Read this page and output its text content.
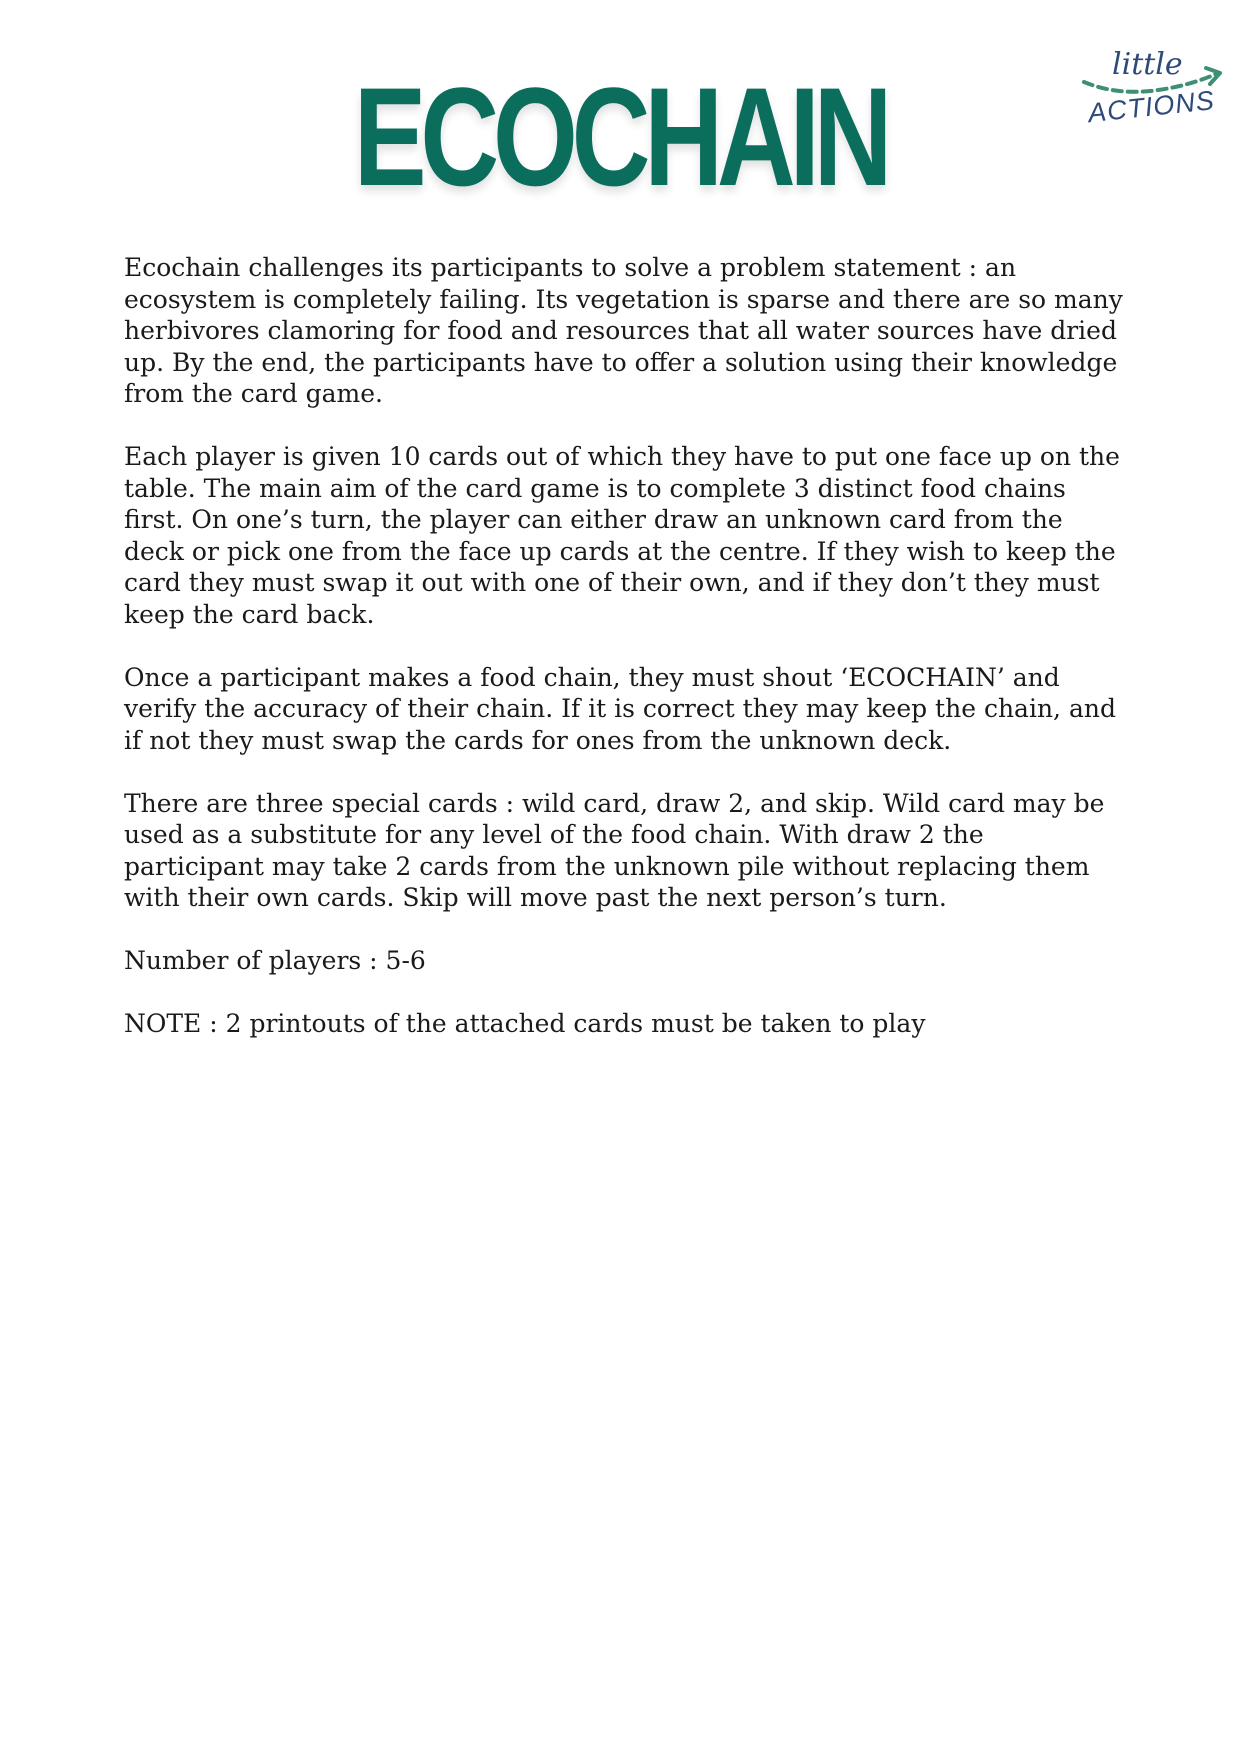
ECOCHAIN	little
ACTIONS

Ecochain challenges its participants to solve a problem statement : an ecosystem is completely failing. Its vegetation is sparse and there are so many herbivores clamoring for food and resources that all water sources have dried up. By the end, the participants have to offer a solution using their knowledge from the card game.

Each player is given 10 cards out of which they have to put one face up on the table. The main aim of the card game is to complete 3 distinct food chains first. On one’s turn, the player can either draw an unknown card from the deck or pick one from the face up cards at the centre. If they wish to keep the card they must swap it out with one of their own, and if they don’t they must keep the card back.

Once a participant makes a food chain, they must shout ‘ECOCHAIN’ and verify the accuracy of their chain. If it is correct they may keep the chain, and if not they must swap the cards for ones from the unknown deck.

There are three special cards : wild card, draw 2, and skip. Wild card may be used as a substitute for any level of the food chain. With draw 2 the participant may take 2 cards from the unknown pile without replacing them with their own cards. Skip will move past the next person’s turn.

Number of players : 5-6

NOTE : 2 printouts of the attached cards must be taken to play
